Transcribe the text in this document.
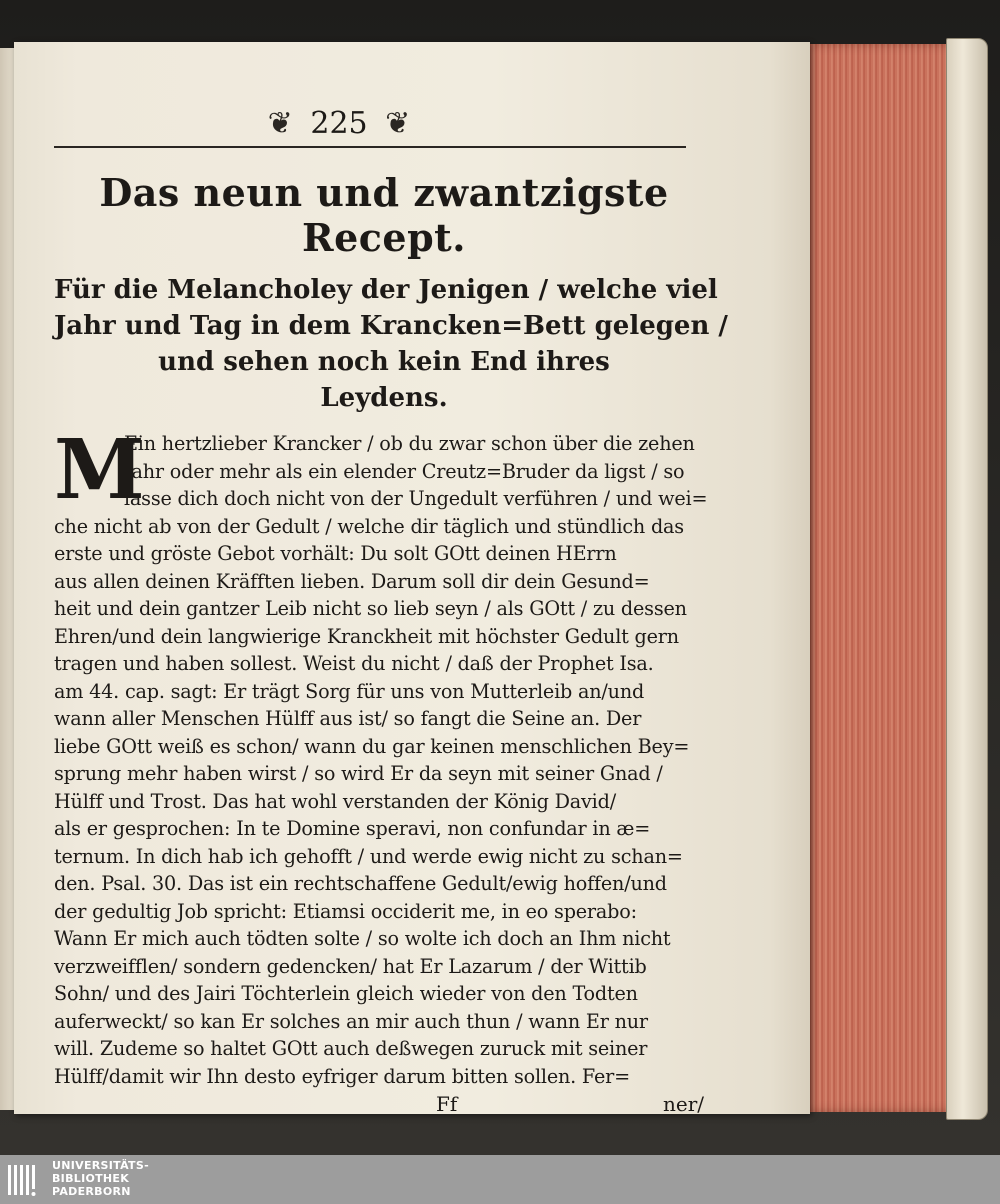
❦ 225 ❦
Das neun und zwantzigste Recept.
Für die Melancholey der Jenigen / welche viel
Jahr und Tag in dem Krancken=Bett gelegen /
und sehen noch kein End ihres
Leydens.
M
Ein hertzlieber Krancker / ob du zwar schon über die zehen
Jahr oder mehr als ein elender Creutz=Bruder da ligst / so
lasse dich doch nicht von der Ungedult verführen / und wei=
che nicht ab von der Gedult / welche dir täglich und stündlich das
erste und gröste Gebot vorhält: Du solt GOtt deinen HErrn
aus allen deinen Kräfften lieben. Darum soll dir dein Gesund=
heit und dein gantzer Leib nicht so lieb seyn / als GOtt / zu dessen
Ehren/und dein langwierige Kranckheit mit höchster Gedult gern
tragen und haben sollest. Weist du nicht / daß der Prophet Isa.
am 44. cap. sagt: Er trägt Sorg für uns von Mutterleib an/und
wann aller Menschen Hülff aus ist/ so fangt die Seine an. Der
liebe GOtt weiß es schon/ wann du gar keinen menschlichen Bey=
sprung mehr haben wirst / so wird Er da seyn mit seiner Gnad /
Hülff und Trost. Das hat wohl verstanden der König David/
als er gesprochen: In te Domine speravi, non confundar in æ=
ternum. In dich hab ich gehofft / und werde ewig nicht zu schan=
den. Psal. 30. Das ist ein rechtschaffene Gedult/ewig hoffen/und
der gedultig Job spricht: Etiamsi occiderit me, in eo sperabo:
Wann Er mich auch tödten solte / so wolte ich doch an Ihm nicht
verzweifflen/ sondern gedencken/ hat Er Lazarum / der Wittib
Sohn/ und des Jairi Töchterlein gleich wieder von den Todten
auferweckt/ so kan Er solches an mir auch thun / wann Er nur
will. Zudeme so haltet GOtt auch deßwegen zuruck mit seiner
Hülff/damit wir Ihn desto eyfriger darum bitten sollen. Fer=
Ff	ner/
UNIVERSITÄTS-
BIBLIOTHEK
PADERBORN
